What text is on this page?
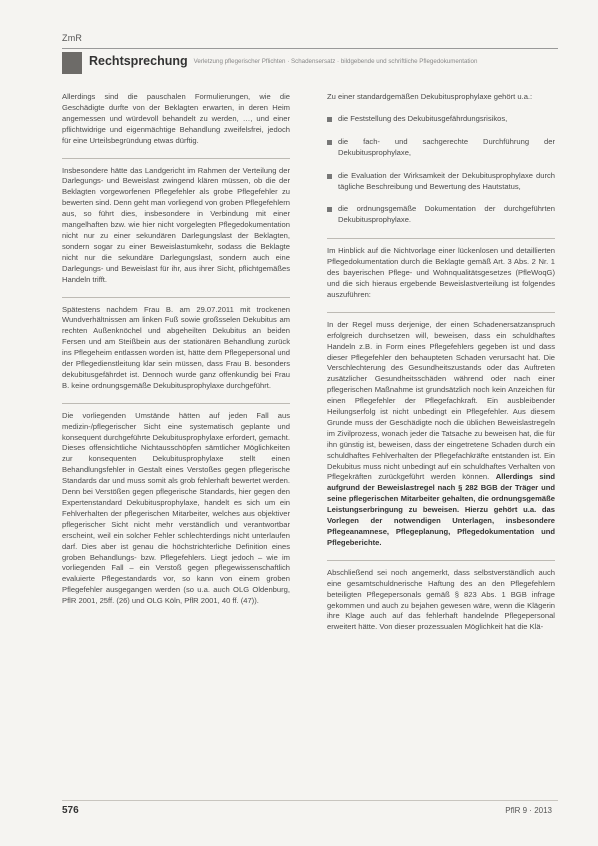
ZmR
Rechtsprechung Verletzung pflegerischer Pflichten · Schadensersatz · bildgebende und schriftliche Pflegedokumentation

Allerdings sind die pauschalen Formulierungen, wie die Geschädigte durfte von der Beklagten erwarten, in deren Heim angemessen und würdevoll behandelt zu werden, …, und einer pflichtwidrige und eigenmächtige Behandlung zweifelsfrei, jedoch für eine Urteilsbegründung etwas dürftig.

Insbesondere hätte das Landgericht im Rahmen der Verteilung der Darlegungs- und Beweislast zwingend klären müssen, ob die der Beklagten vorgeworfenen Pflegefehler als grobe Pflegefehler zu bewerten sind. Denn geht man vorliegend von groben Pflegefehlern aus, so führt dies, insbesondere in Verbindung mit einer mangelhaften bzw. wie hier nicht vorgelegten Pflegedokumentation nicht nur zu einer sekundären Darlegungslast der Beklagten, sondern sogar zu einer Beweislastumkehr, sodass die Beklagte nicht nur die sekundäre Darlegungslast, sondern auch eine Darlegungs- und Beweislast für ihr, aus ihrer Sicht, pflichtgemäßes Handeln trifft.

Spätestens nachdem Frau B. am 29.07.2011 mit trockenen Wundverhältnissen am linken Fuß sowie großsselen Dekubitus am rechten Außenknöchel und abgeheilten Dekubitus an beiden Fersen und am Steißbein aus der stationären Behandlung zurück ins Pflegeheim entlassen worden ist, hätte dem Pflegepersonal und der Pflegedienstleitung klar sein müssen, dass Frau B. besonders dekubitusgefährdet ist. Dennoch wurde ganz offenkundig bei Frau B. keine ordnungsgemäße Dekubitusprophylaxe durchgeführt.

Die vorliegenden Umstände hätten auf jeden Fall aus medizin-/pflegerischer Sicht eine systematisch geplante und konsequent durchgeführte Dekubitusprophylaxe erfordert, gemacht. Dieses offensichtliche Nichtausschöpfen sämtlicher Möglichkeiten zur konsequenten Dekubitusprophylaxe stellt einen Behandlungsfehler in Gestalt eines Verstoßes gegen pflegerische Standards dar und muss somit als grob fehlerhaft bewertet werden. Denn bei Verstößen gegen pflegerische Standards, hier gegen den Expertenstandard Dekubitusprophylaxe, handelt es sich um ein Fehlverhalten der pflegerischen Mitarbeiter, welches aus objektiver pflegerischer Sicht nicht mehr verständlich und verantwortbar erscheint, weil ein solcher Fehler schlechterdings nicht unterlaufen darf. Dies aber ist genau die höchstrichterliche Definition eines groben Behandlungs- bzw. Pflegefehlers. Liegt jedoch – wie im vorliegenden Fall – ein Verstoß gegen pflegewissenschaftlich evaluierte Pflegestandards vor, so kann von einem groben Pflegefehler ausgegangen werden (so u.a. auch OLG Oldenburg, PflR 2001, 25ff. (26) und OLG Köln, PflR 2001, 40 ff. (47)).

Zu einer standardgemäßen Dekubitusprophylaxe gehört u.a.:

die Feststellung des Dekubitusgefährdungsrisikos,
die fach- und sachgerechte Durchführung der Dekubitusprophylaxe,
die Evaluation der Wirksamkeit der Dekubitusprophylaxe durch tägliche Beschreibung und Bewertung des Hautstatus,
die ordnungsgemäße Dokumentation der durchgeführten Dekubitusprophylaxe.

Im Hinblick auf die Nichtvorlage einer lückenlosen und detaillierten Pflegedokumentation durch die Beklagte gemäß Art. 3 Abs. 2 Nr. 1 des bayerischen Pflege- und Wohnqualitätsgesetzes (PfleWoqG) und die sich hieraus ergebende Beweislastverteilung ist folgendes auszuführen:

In der Regel muss derjenige, der einen Schadenersatzanspruch erfolgreich durchsetzen will, beweisen, dass ein schuldhaftes Handeln z.B. in Form eines Pflegefehlers gegeben ist und dass dieser Pflegefehler den behaupteten Schaden verursacht hat. Die Verschlechterung des Gesundheitszustands oder das Auftreten zusätzlicher Gesundheitsschäden während oder nach einer pflegerischen Maßnahme ist grundsätzlich noch kein Anzeichen für einen Pflegefehler der Pflegefachkraft. Ein ausbleibender Heilungserfolg ist nicht unbedingt ein Pflegefehler. Aus diesem Grunde muss der Geschädigte noch die üblichen Beweislastregeln im Zivilprozess, wonach jeder die Tatsache zu beweisen hat, die für ihn günstig ist, beweisen, dass der eingetretene Schaden durch ein schuldhaftes Fehlverhalten der Pflegefachkräfte entstanden ist. Ein Dekubitus muss nicht unbedingt auf ein schuldhaftes Verhalten von Pflegekräften zurückgeführt werden können. Allerdings sind aufgrund der Beweislastregel nach § 282 BGB der Träger und seine pflegerischen Mitarbeiter gehalten, die ordnungsgemäße Leistungserbringung zu beweisen. Hierzu gehört u.a. das Vorlegen der notwendigen Unterlagen, insbesondere Pflegeanamnese, Pflegeplanung, Pflegedokumentation und Pflegeberichte.

Abschließend sei noch angemerkt, dass selbstverständlich auch eine gesamtschuldnerische Haftung des an den Pflegefehlern beteiligten Pflegepersonals gemäß § 823 Abs. 1 BGB infrage gekommen und auch zu bejahen gewesen wäre, wenn die Klägerin ihre Klage auch auf das fehlerhaft handelnde Pflegepersonal erweitert hätte. Von dieser prozessualen Möglichkeit hat die Klä-

576	PflR 9 · 2013
